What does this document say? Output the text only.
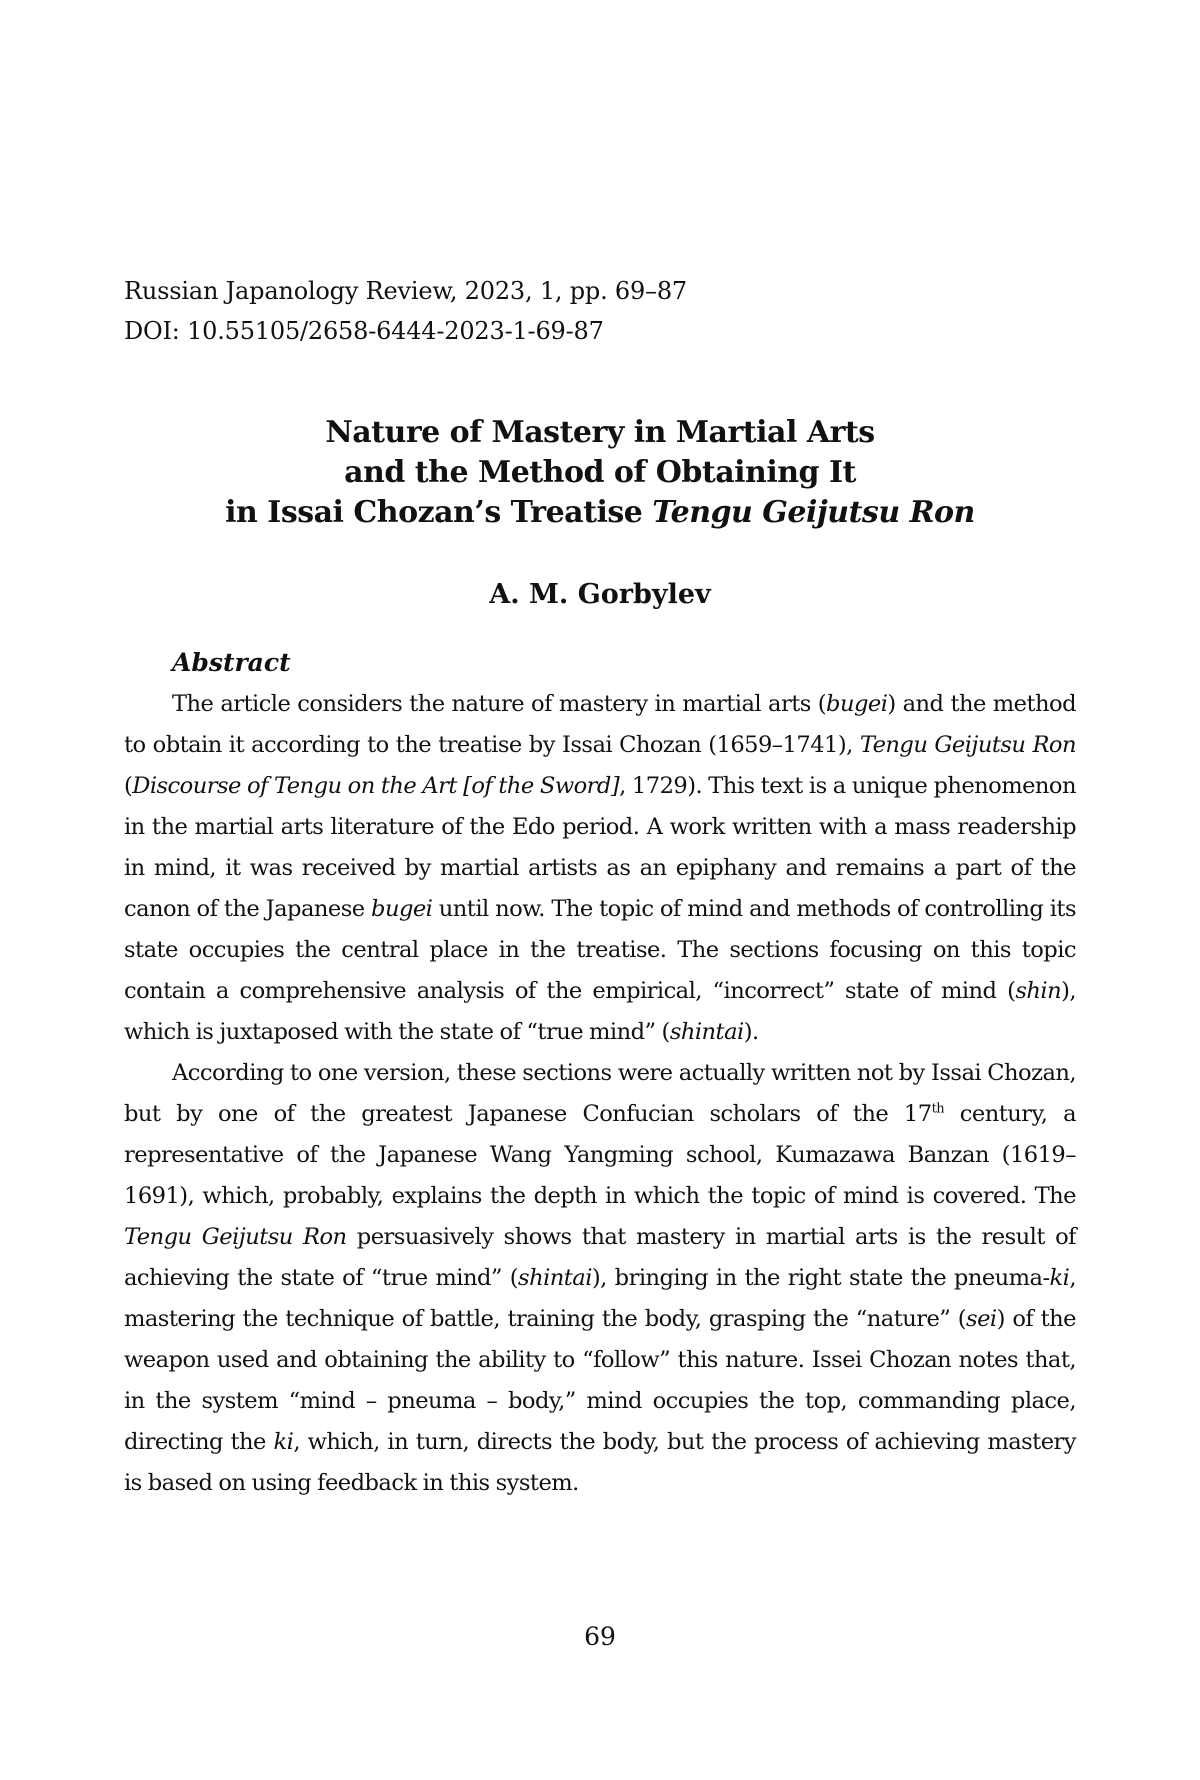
Russian Japanology Review, 2023, 1, pp. 69–87
DOI: 10.55105/2658-6444-2023-1-69-87
Nature of Mastery in Martial Arts
and the Method of Obtaining It
in Issai Chozan’s Treatise Tengu Geijutsu Ron
A. M. Gorbylev
Abstract

The article considers the nature of mastery in martial arts (bugei) and the method to obtain it according to the treatise by Issai Chozan (1659–1741), Tengu Geijutsu Ron (Discourse of Tengu on the Art [of the Sword], 1729). This text is a unique phenomenon in the martial arts literature of the Edo period. A work written with a mass readership in mind, it was received by martial artists as an epiphany and remains a part of the canon of the Japanese bugei until now. The topic of mind and methods of controlling its state occupies the central place in the treatise. The sections focusing on this topic contain a comprehensive analysis of the empirical, “incorrect” state of mind (shin), which is juxtaposed with the state of “true mind” (shintai).

According to one version, these sections were actually written not by Issai Chozan, but by one of the greatest Japanese Confucian scholars of the 17th century, a representative of the Japanese Wang Yangming school, Kumazawa Banzan (1619–1691), which, probably, explains the depth in which the topic of mind is covered. The Tengu Geijutsu Ron persuasively shows that mastery in martial arts is the result of achieving the state of “true mind” (shintai), bringing in the right state the pneuma-ki, mastering the technique of battle, training the body, grasping the “nature” (sei) of the weapon used and obtaining the ability to “follow” this nature. Issei Chozan notes that, in the system “mind – pneuma – body,” mind occupies the top, commanding place, directing the ki, which, in turn, directs the body, but the process of achieving mastery is based on using feedback in this system.

69
